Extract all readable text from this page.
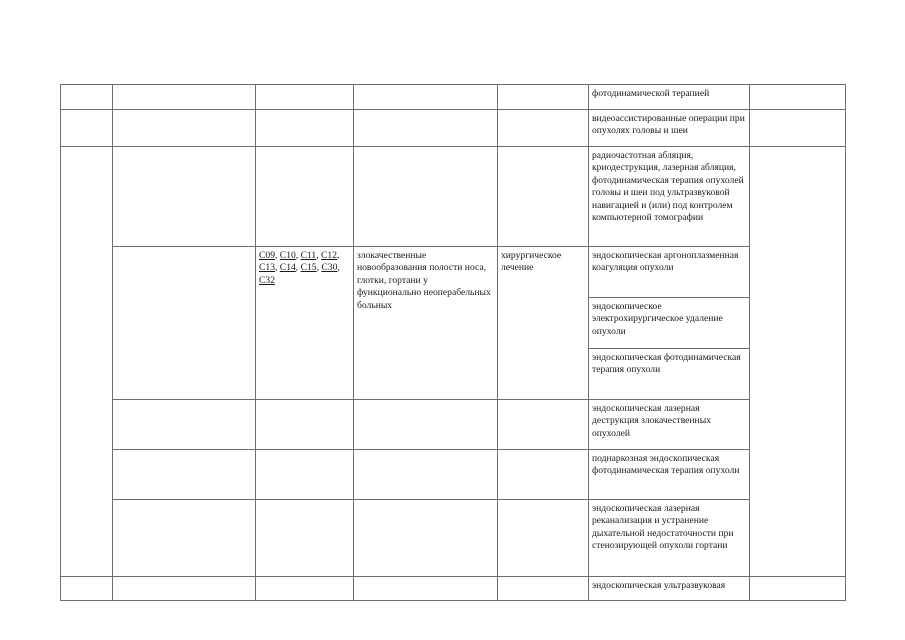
					фотодинамической терапией	
					видеоассистированные операции при опухолях головы и шеи	
					радиочастотная абляция, криодеструкция, лазерная абляция, фотодинамическая терапия опухолей головы и шеи под ультразвуковой навигацией и (или) под контролем компьютерной томографии	
		C09, C10, C11, C12, C13, C14, C15, C30, C32	злокачественные новообразования полости носа, глотки, гортани у функционально неоперабельных больных	хирургическое лечение	эндоскопическая аргоноплазменная коагуляция опухоли	
					эндоскопическое электрохирургическое удаление опухоли	
					эндоскопическая фотодинамическая терапия опухоли	
					эндоскопическая лазерная деструкция злокачественных опухолей	
					поднаркозная эндоскопическая фотодинамическая терапия опухоли	
					эндоскопическая лазерная реканализация и устранение дыхательной недостаточности при стенозирующей опухоли гортани	
					эндоскопическая ультразвуковая	
